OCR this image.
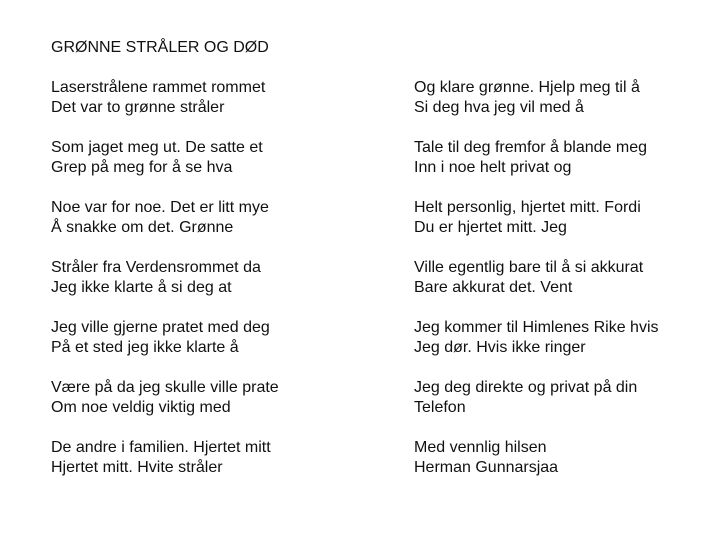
GRØNNE STRÅLER OG DØD
Laserstrålene rammet rommet
Det var to grønne stråler
Som jaget meg ut. De satte et
Grep på meg for å se hva
Noe var for noe. Det er litt mye
Å snakke om det. Grønne
Stråler fra Verdensrommet da
Jeg ikke klarte å si deg at
Jeg ville gjerne pratet med deg
På et sted jeg ikke klarte å
Være på da jeg skulle ville prate
Om noe veldig viktig med
De andre i familien. Hjertet mitt
Hjertet mitt. Hvite stråler
Og klare grønne. Hjelp meg til å
Si deg hva jeg vil med å
Tale til deg fremfor å blande meg
Inn i noe helt privat og
Helt personlig, hjertet mitt. Fordi
Du er hjertet mitt. Jeg
Ville egentlig bare til å si akkurat
Bare akkurat det. Vent
Jeg kommer til Himlenes Rike hvis
Jeg dør. Hvis ikke ringer
Jeg deg direkte og privat på din
Telefon
Med vennlig hilsen
Herman Gunnarsjaa
